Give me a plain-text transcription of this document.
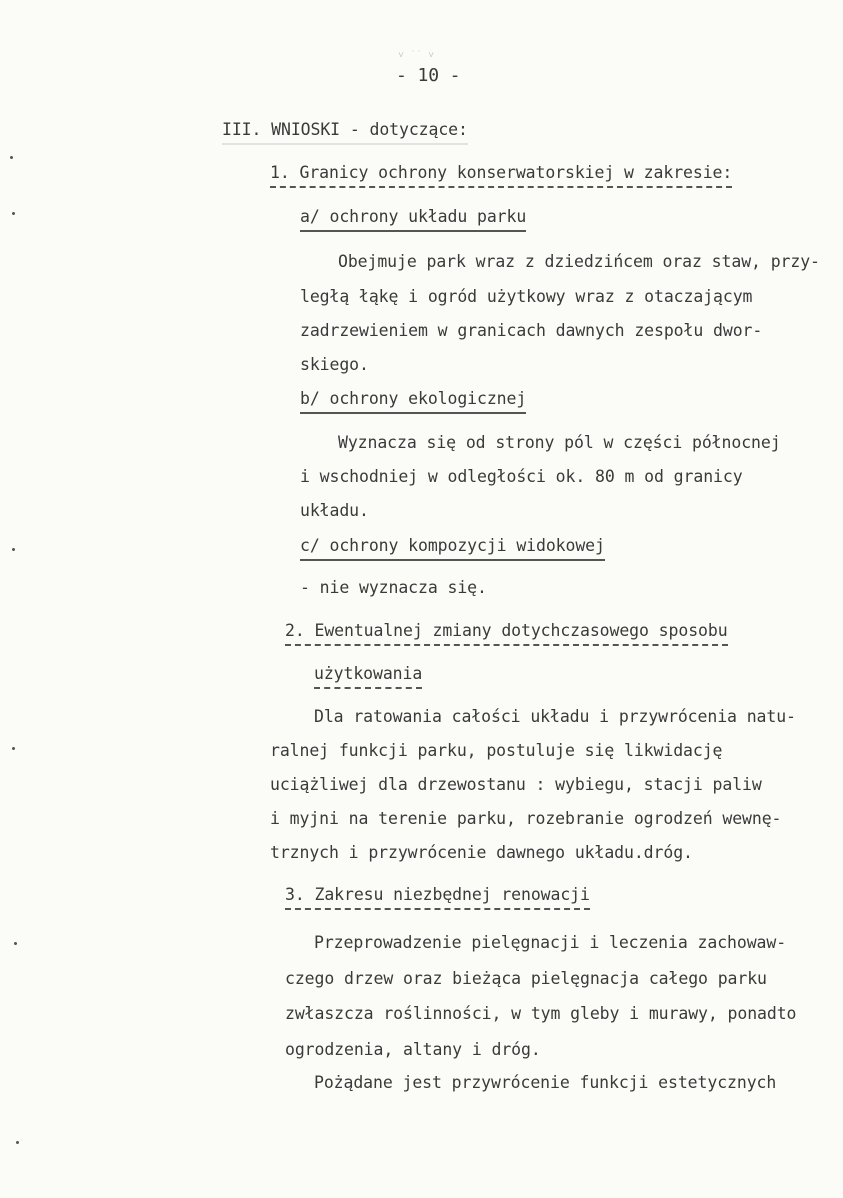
˅ ˙˙ ˅
- 10 -
III. WNIOSKI - dotyczące:
1. Granicy ochrony konserwatorskiej w zakresie:
a/ ochrony układu parku
Obejmuje park wraz z dziedzińcem oraz staw, przy-
ległą łąkę i ogród użytkowy wraz z otaczającym
zadrzewieniem w granicach dawnych zespołu dwor-
skiego.
b/ ochrony ekologicznej
Wyznacza się od strony pól w części północnej
i wschodniej w odległości ok. 80 m od granicy
układu.
c/ ochrony kompozycji widokowej
- nie wyznacza się.
2. Ewentualnej zmiany dotychczasowego sposobu
użytkowania
Dla ratowania całości układu i przywrócenia natu-
ralnej funkcji parku, postuluje się likwidację
uciążliwej dla drzewostanu : wybiegu, stacji paliw
i myjni na terenie parku, rozebranie ogrodzeń wewnę-
trznych i przywrócenie dawnego układu.dróg.
3. Zakresu niezbędnej renowacji
Przeprowadzenie pielęgnacji i leczenia zachowaw-
czego drzew oraz bieżąca pielęgnacja całego parku
zwłaszcza roślinności, w tym gleby i murawy, ponadto
ogrodzenia, altany i dróg.
Pożądane jest przywrócenie funkcji estetycznych
